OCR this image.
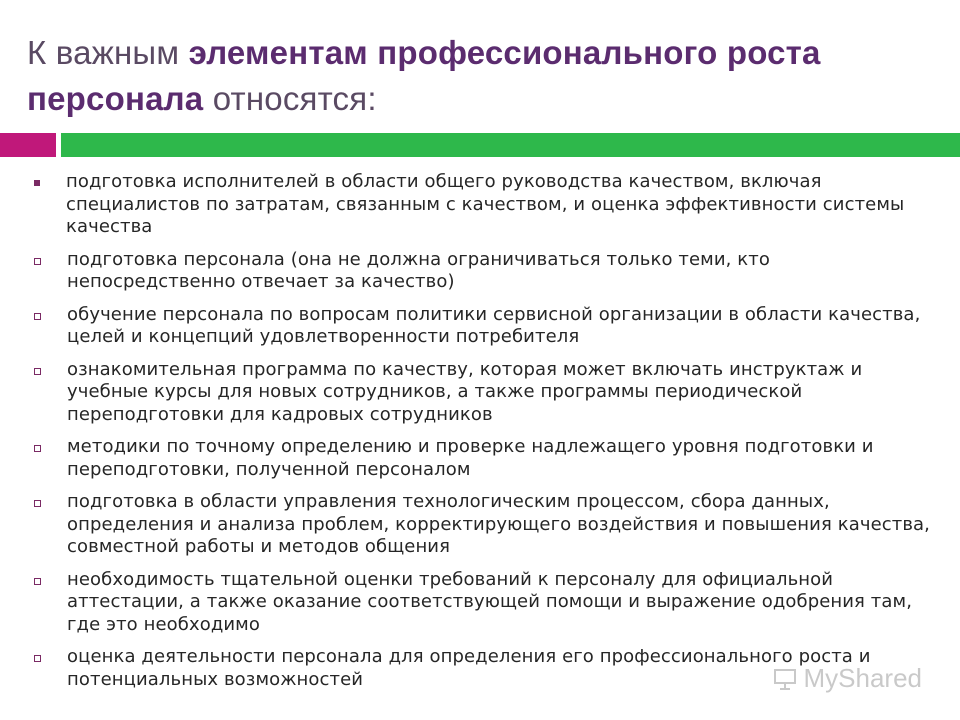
К важным элементам профессионального роста
персонала относятся:
подготовка исполнителей в области общего руководства качеством, включая специалистов по затратам, связанным с качеством, и оценка эффективности системы качества
подготовка персонала (она не должна ограничиваться только теми, кто непосредственно отвечает за качество)
обучение персонала по вопросам политики сервисной организации в области качества, целей и концепций удовлетворенности потребителя
ознакомительная программа по качеству, которая может включать инструктаж и учебные курсы для новых сотрудников, а также программы периодической переподготовки для кадровых сотрудников
методики по точному определению и проверке надлежащего уровня подготовки и переподготовки, полученной персоналом
подготовка в области управления технологическим процессом, сбора данных, определения и анализа проблем, корректирующего воздействия и повышения качества, совместной работы и методов общения
необходимость тщательной оценки требований к персоналу для официальной аттестации, а также оказание соответствующей помощи и выражение одобрения там, где это необходимо
оценка деятельности персонала для определения его профессионального роста и потенциальных возможностей	MyShared
